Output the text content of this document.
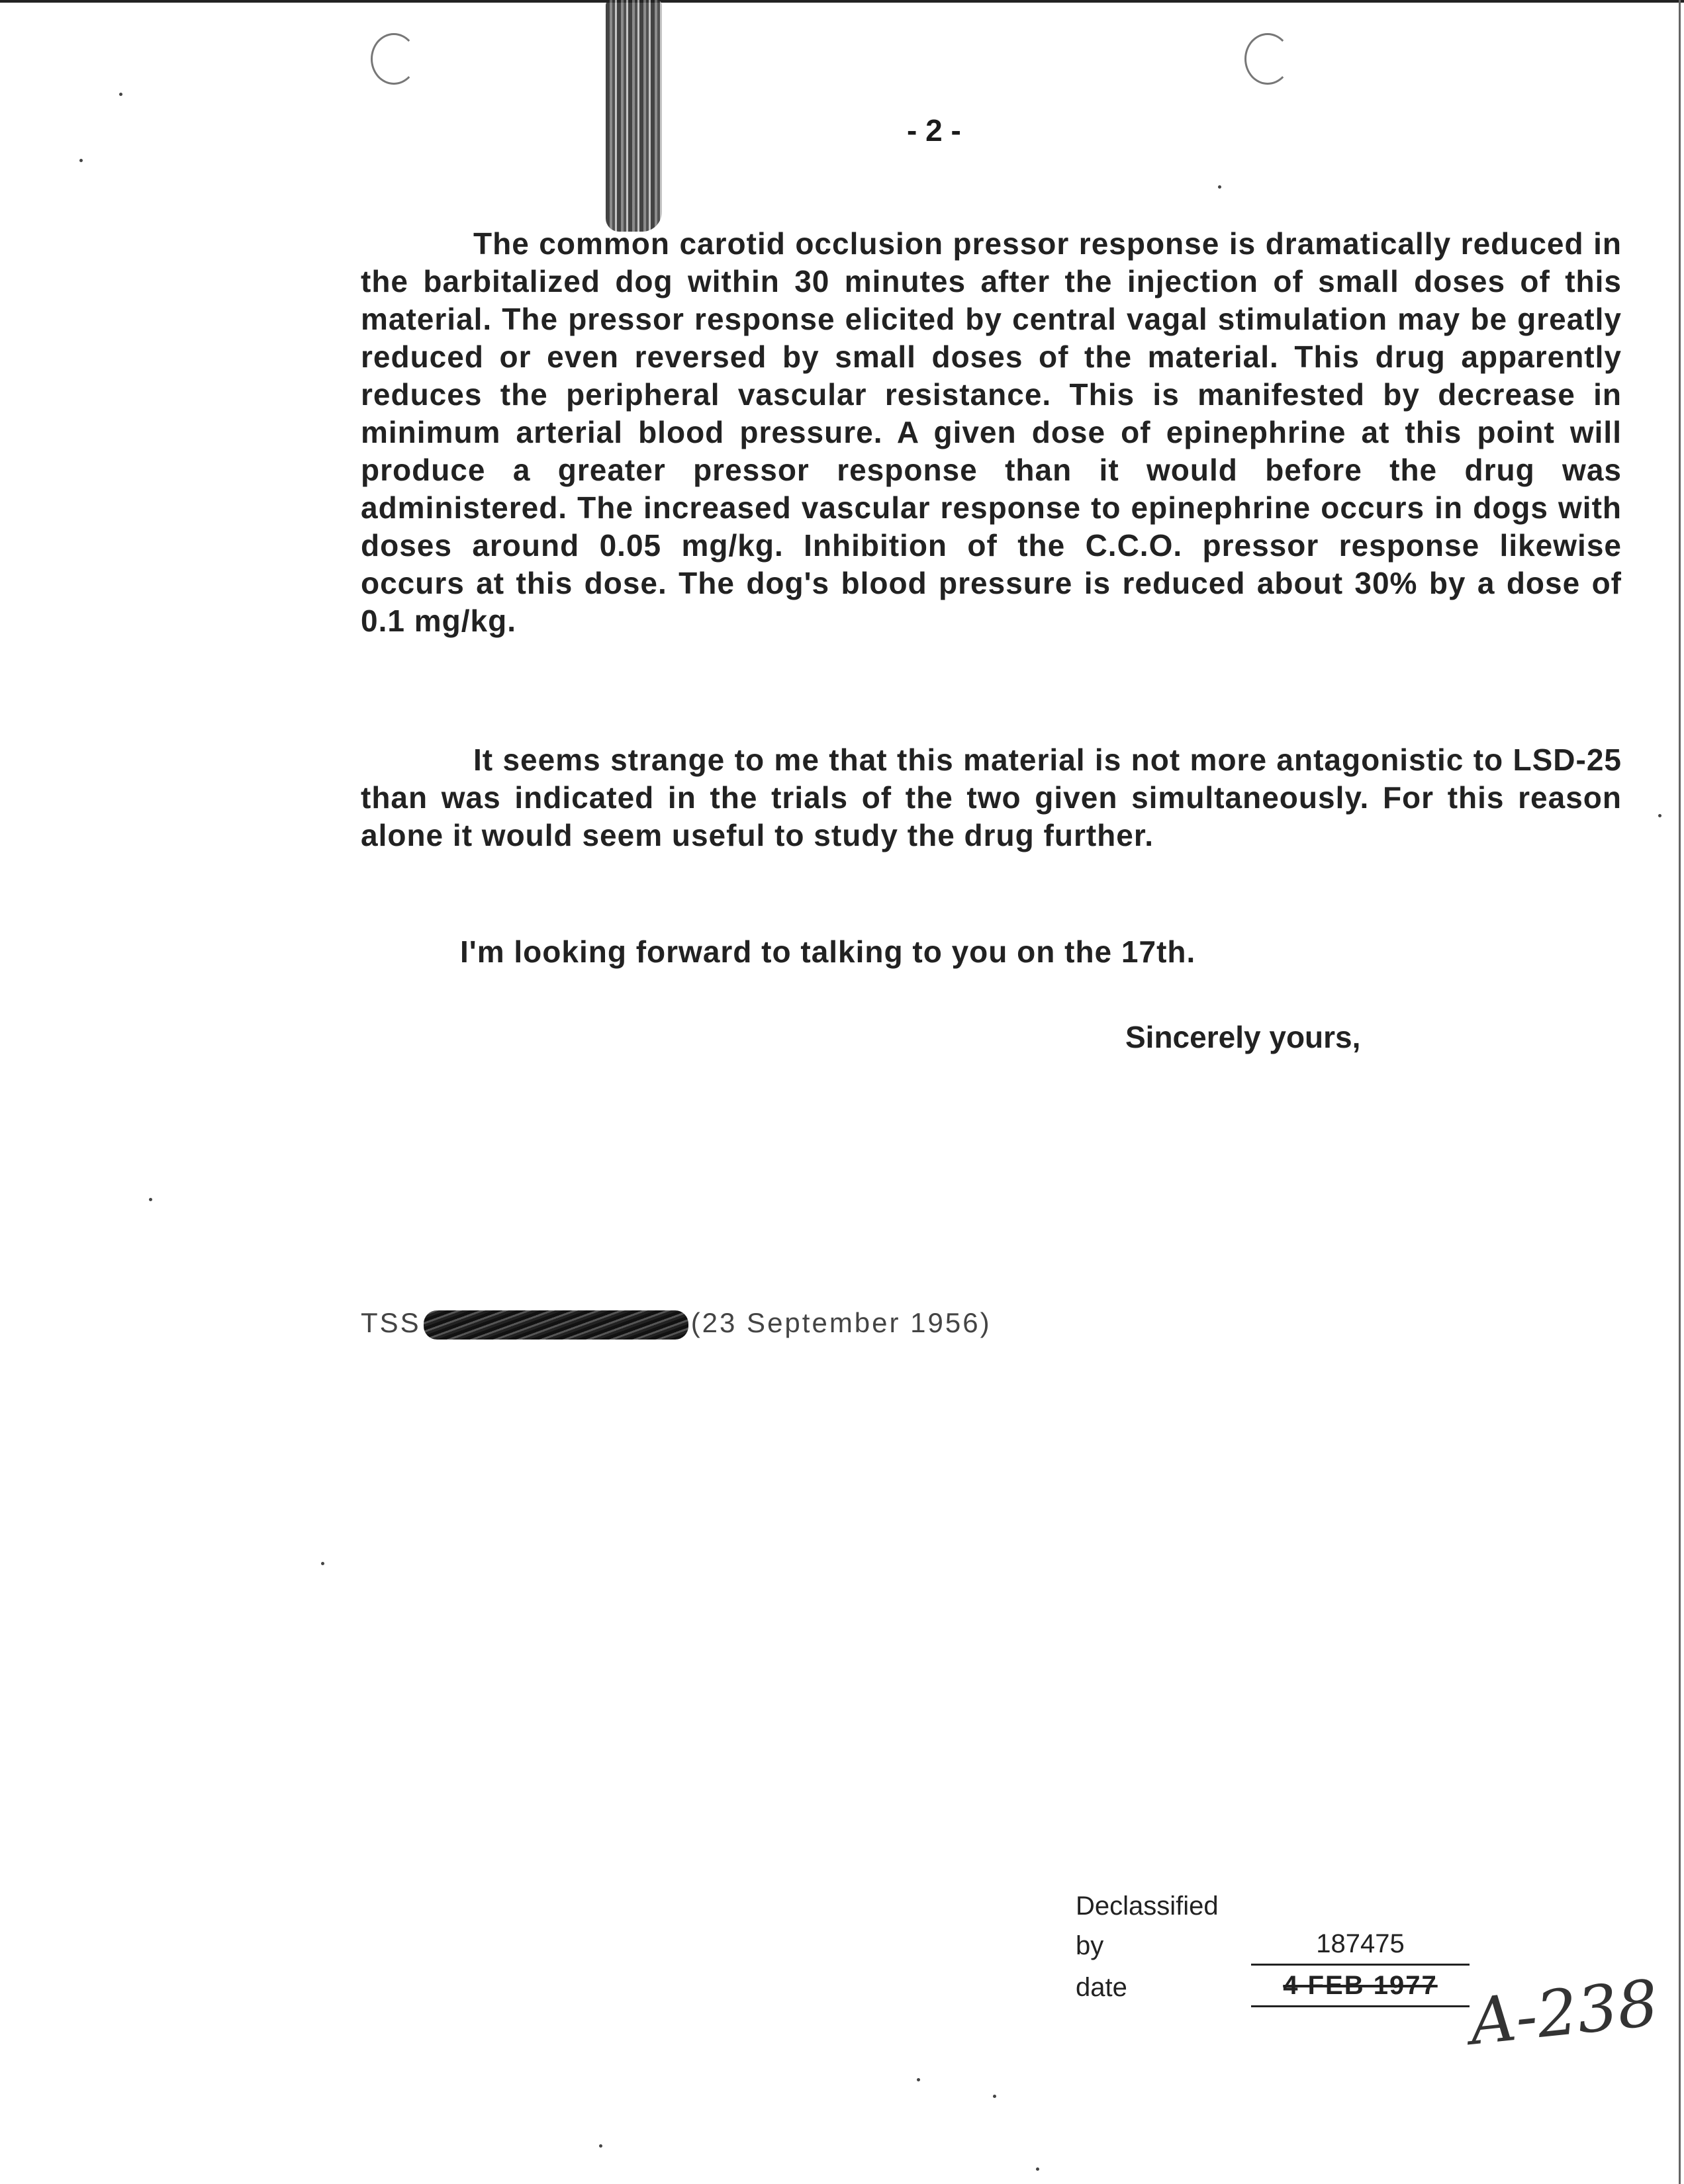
- 2 -
The common carotid occlusion pressor response is dramatically reduced in the barbitalized dog within 30 minutes after the injection of small doses of this material. The pressor response elicited by central vagal stimulation may be greatly reduced or even reversed by small doses of the material. This drug apparently reduces the peripheral vascular resistance. This is manifested by decrease in minimum arterial blood pressure. A given dose of epinephrine at this point will produce a greater pressor response than it would before the drug was administered. The increased vascular response to epinephrine occurs in dogs with doses around 0.05 mg/kg. Inhibition of the C.C.O. pressor response likewise occurs at this dose. The dog's blood pressure is reduced about 30% by a dose of 0.1 mg/kg.
It seems strange to me that this material is not more antagonistic to LSD-25 than was indicated in the trials of the two given simultaneously. For this reason alone it would seem useful to study the drug further.
I'm looking forward to talking to you on the 17th.
Sincerely yours,
TSS	(23 September 1956)
Declassified by	187475
date	4 FEB 1977 A-238
